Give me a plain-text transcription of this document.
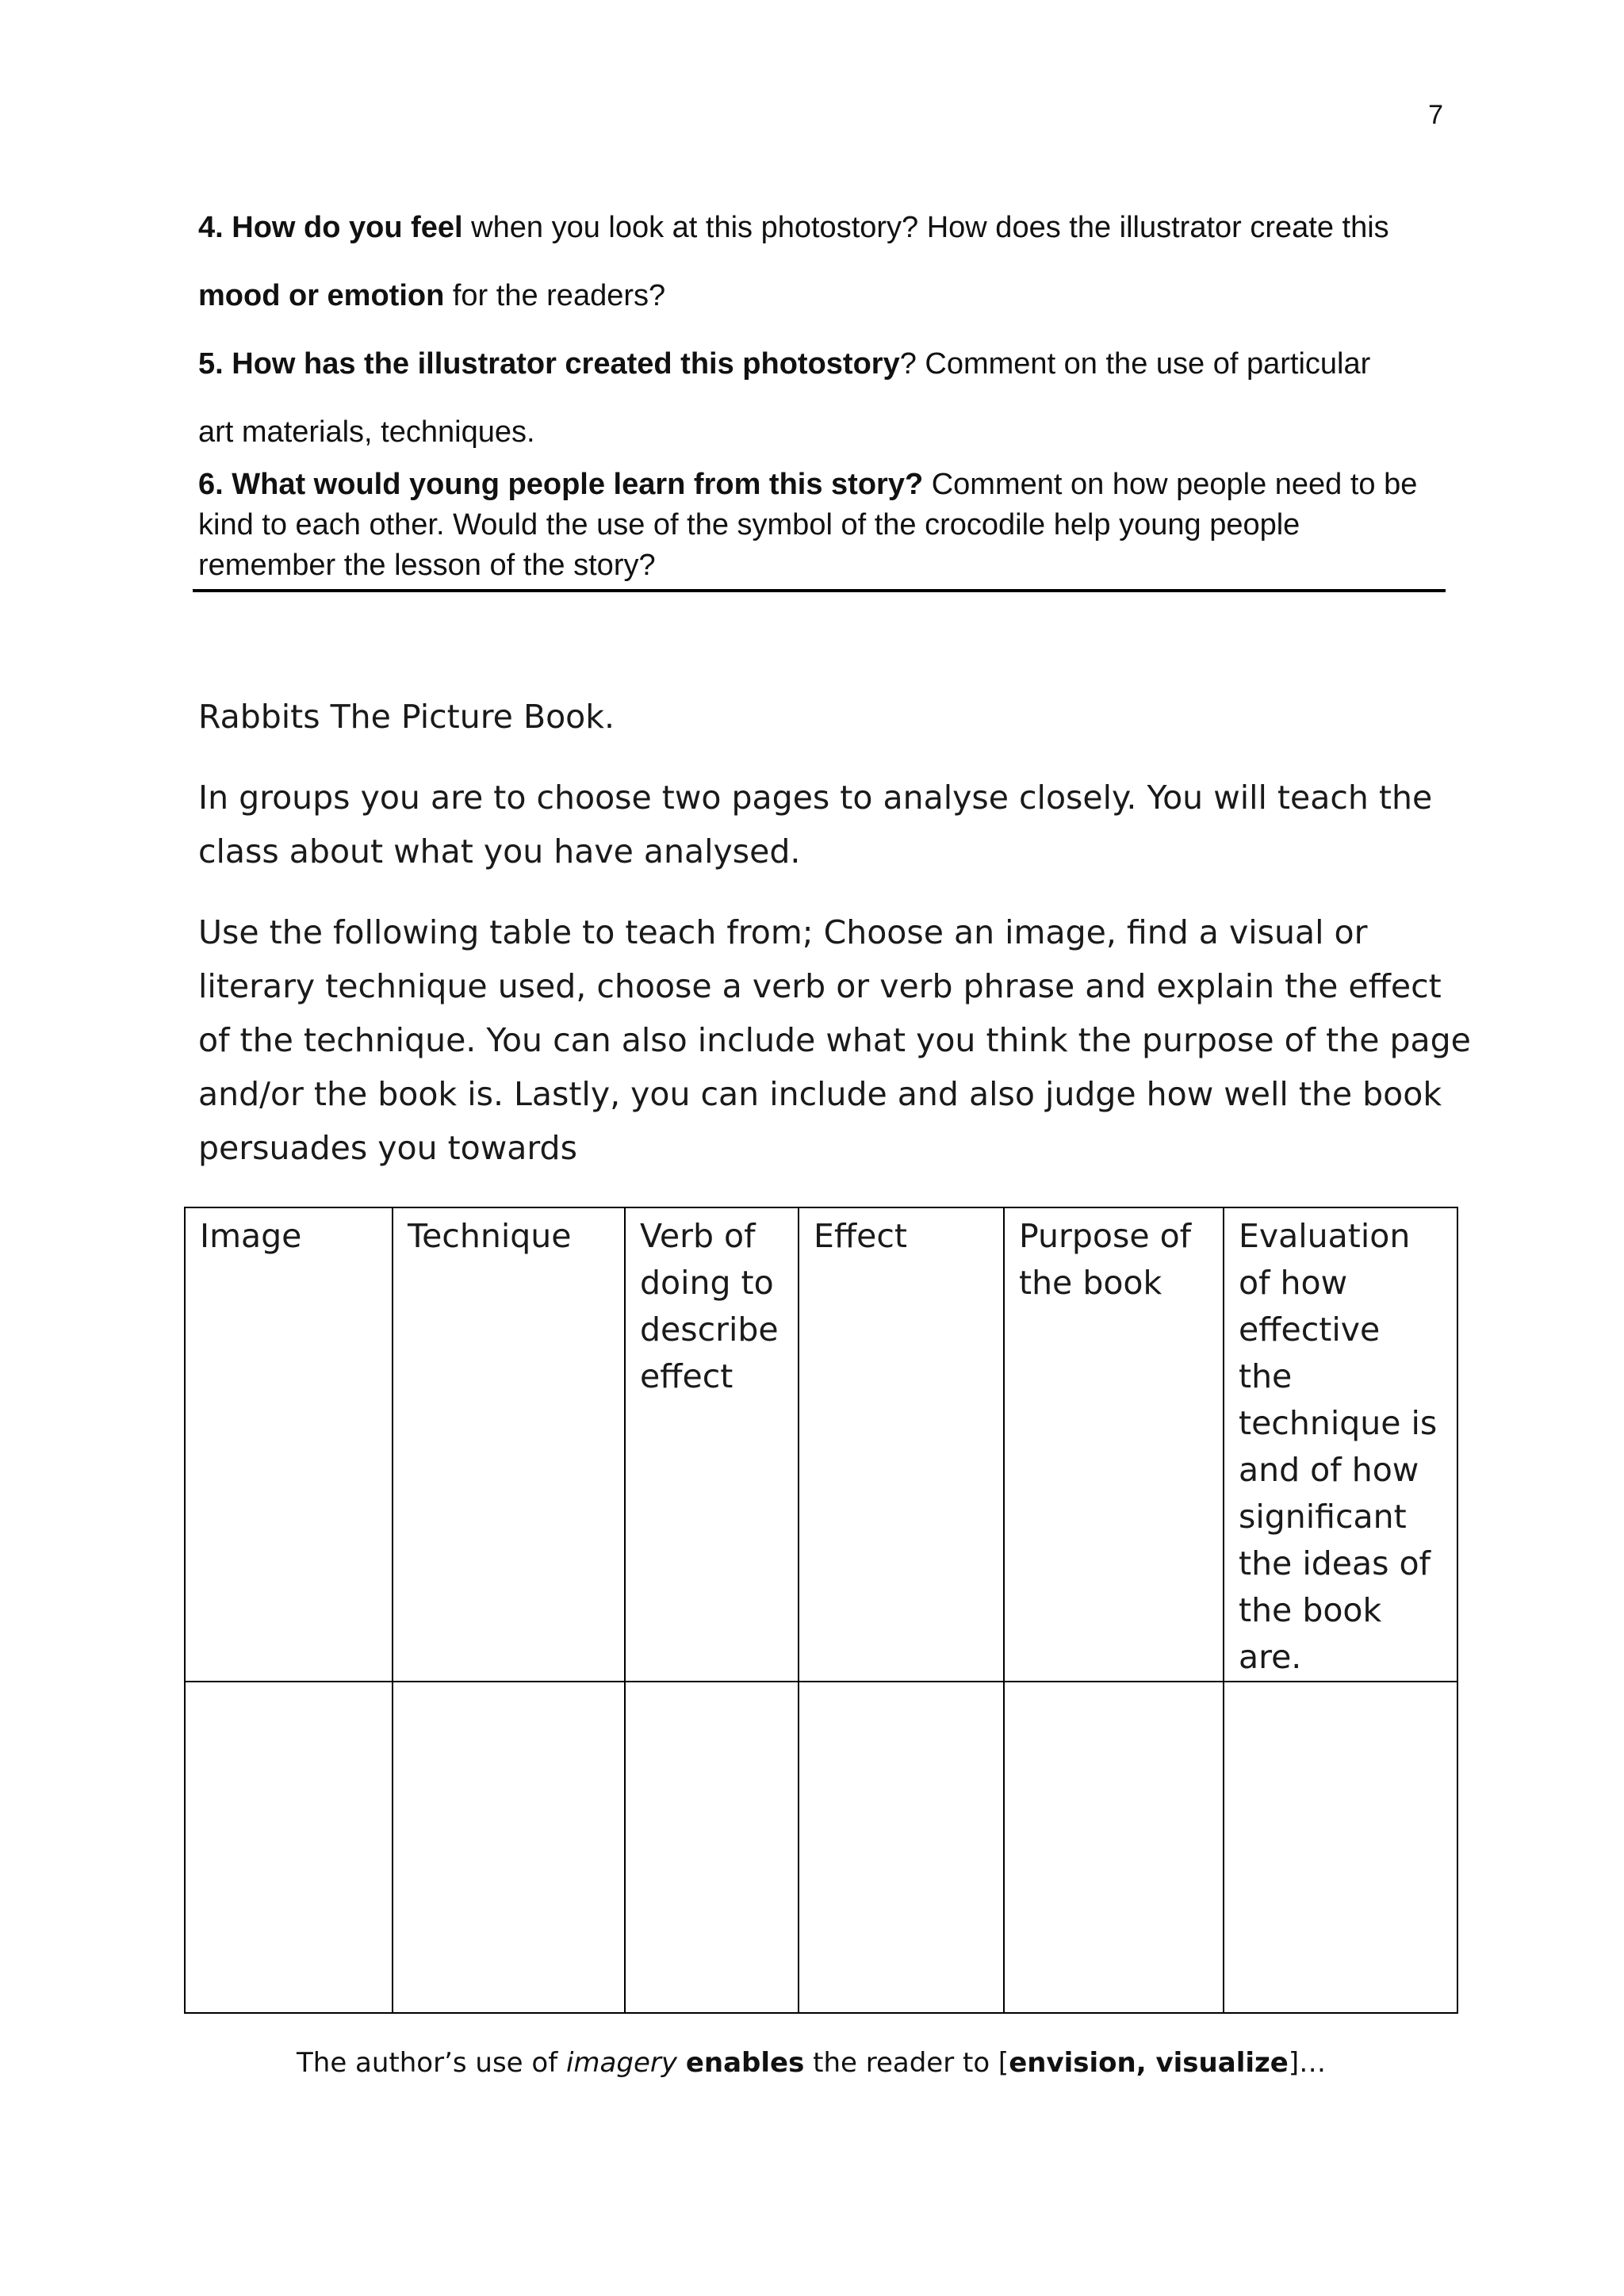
7

4. How do you feel when you look at this photostory? How does the illustrator create this

mood or emotion for the readers?

5. How has the illustrator created this photostory? Comment on the use of particular

art materials, techniques.

6. What would young people learn from this story? Comment on how people need to be
kind to each other. Would the use of the symbol of the crocodile help young people
remember the lesson of the story?

Rabbits The Picture Book.

In groups you are to choose two pages to analyse closely. You will teach the class about what you have analysed.

Use the following table to teach from; Choose an image, find a visual or literary technique used, choose a verb or verb phrase and explain the effect of the technique. You can also include what you think the purpose of the page and/or the book is. Lastly, you can include and also judge how well the book persuades you towards

Image	Technique	Verb of doing to describe effect	Effect	Purpose of the book	Evaluation of how effective the technique is and of how significant the ideas of the book are.

The author’s use of imagery enables the reader to [envision, visualize]…
